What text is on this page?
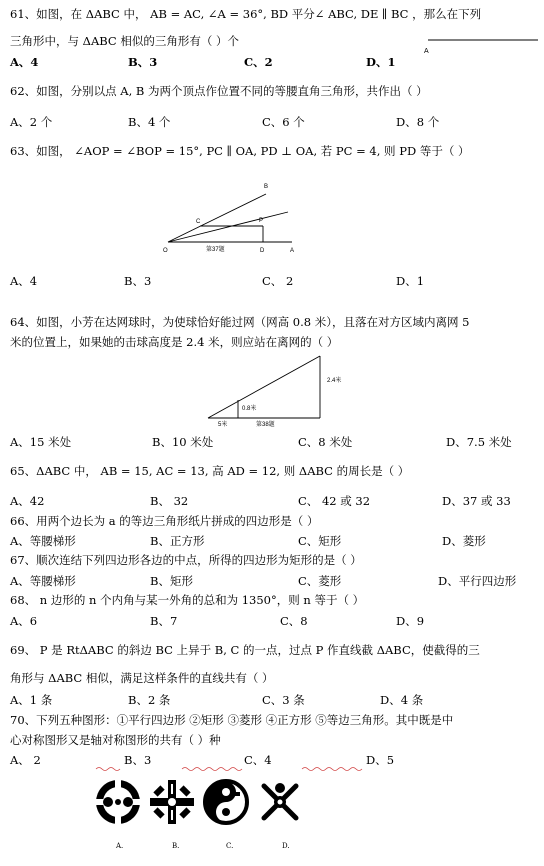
61、如图，在 ΔABC 中， AB = AC, ∠A = 36°, BD 平分∠ ABC, DE ∥ BC ，那么在下列
A
三角形中，与 ΔABC 相似的三角形有（ ）个
A、4	B、3	C、2	D、1
62、如图，分别以点 A, B 为两个顶点作位置不同的等腰直角三角形，共作出（ ）
A、2 个	B、4 个	C、6 个	D、8 个
63、如图， ∠AOP = ∠BOP = 15°, PC ∥ OA, PD ⊥ OA, 若 PC = 4, 则 PD 等于（ ）
B
C	P
O	D	A
第37题
A、4	B、3	C、 2	D、1
64、如图，小芳在达网球时，为使球恰好能过网（网高 0.8 米），且落在对方区域内离网 5
米的位置上，如果她的击球高度是 2.4 米，则应站在离网的（ ）
2.4米
0.8米
5米	第38题
A、15 米处	B、10 米处	C、8 米处	D、7.5 米处
65、ΔABC 中， AB = 15, AC = 13, 高 AD = 12, 则 ΔABC 的周长是（ ）
A、42	B、 32	C、 42 或 32	D、37 或 33
66、用两个边长为 a 的等边三角形纸片拼成的四边形是（ ）
A、等腰梯形	B、正方形	C、矩形	D、菱形
67、顺次连结下列四边形各边的中点，所得的四边形为矩形的是（ ）
A、等腰梯形	B、矩形	C、菱形	D、平行四边形
68、 n 边形的 n 个内角与某一外角的总和为 1350°，则 n 等于（ ）
A、6	B、7	C、8	D、9
69、 P 是 RtΔABC 的斜边 BC 上异于 B, C 的一点，过点 P 作直线截 ΔABC，使截得的三
角形与 ΔABC 相似，满足这样条件的直线共有（ ）
A、1 条	B、2 条	C、3 条	D、4 条
70、下列五种图形：①平行四边形 ②矩形 ③菱形 ④正方形 ⑤等边三角形。其中既是中
心对称图形又是轴对称图形的共有（ ）种
A、 2	B、3	C、4	D、5
A.	B.	C.	D.
